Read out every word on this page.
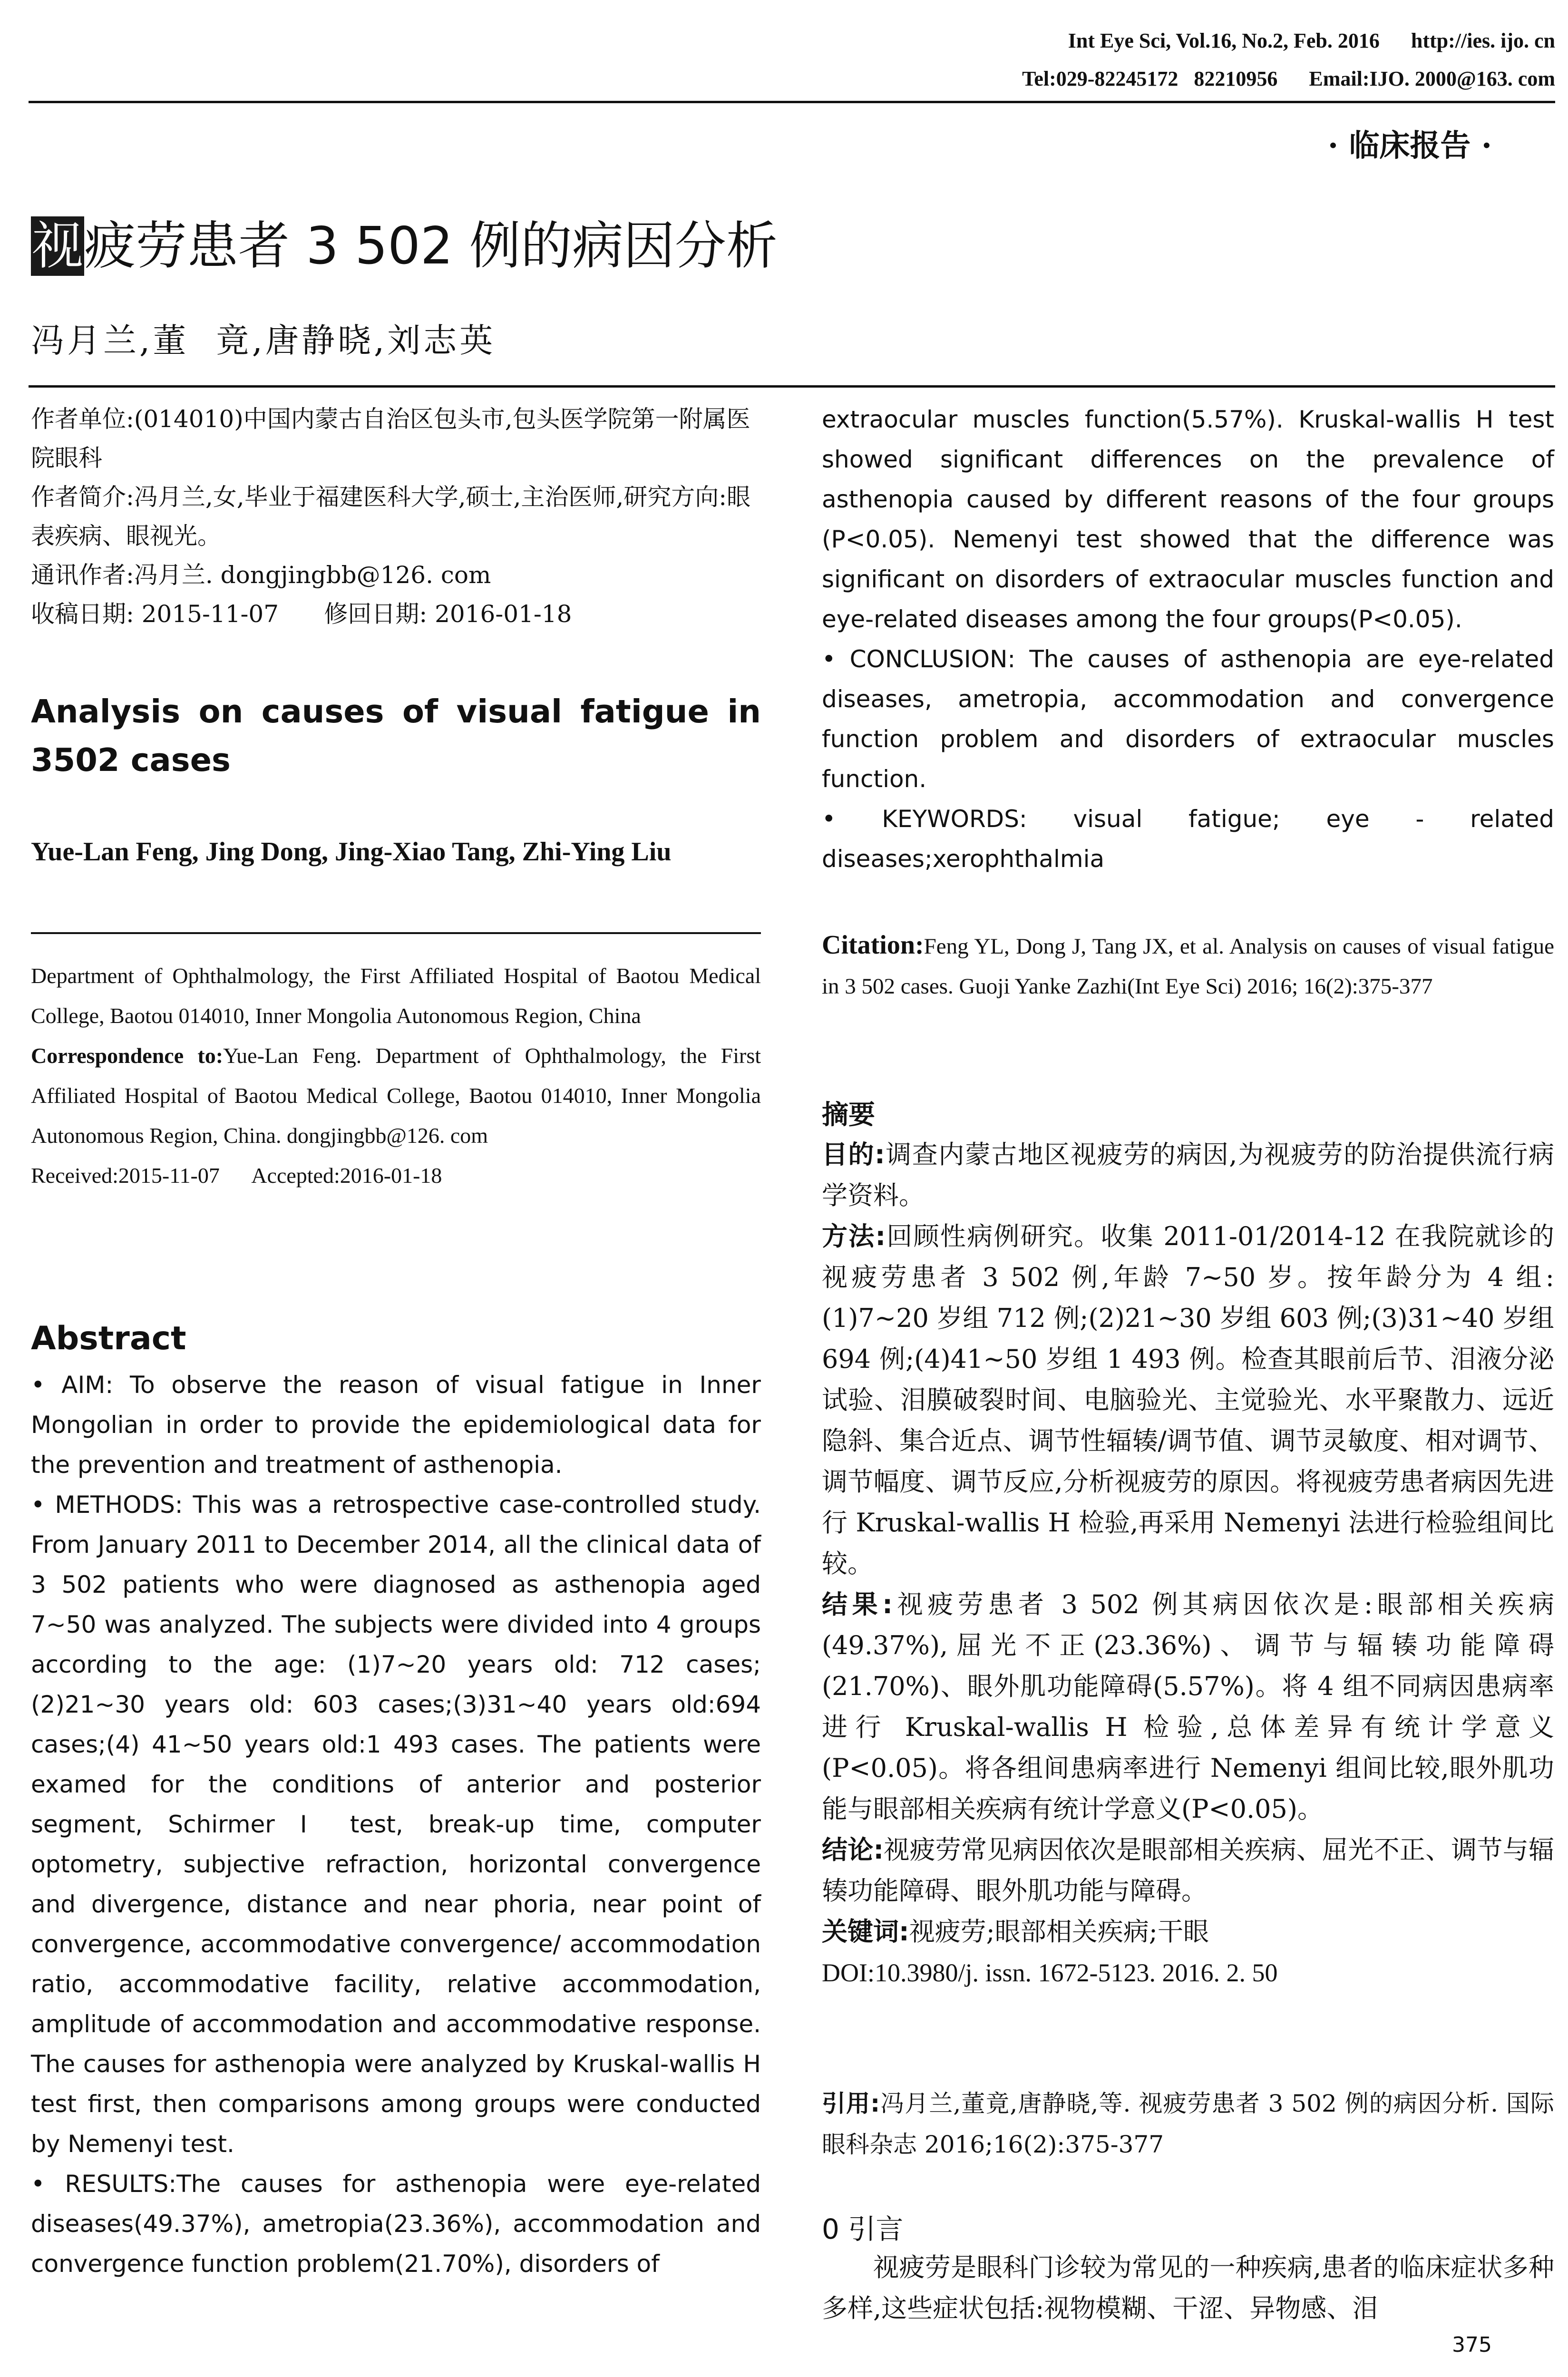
Int Eye Sci, Vol.16, No.2, Feb. 2016      http://ies. ijo. cn
Tel:029-82245172   82210956      Email:IJO. 2000@163. com
· 临床报告 ·
视疲劳患者 3 502 例的病因分析
冯月兰,董  竟,唐静晓,刘志英

作者单位:(014010)中国内蒙古自治区包头市,包头医学院第一附属医院眼科

作者简介:冯月兰,女,毕业于福建医科大学,硕士,主治医师,研究方向:眼表疾病、眼视光。

通讯作者:冯月兰. dongjingbb@126. com

收稿日期: 2015-11-07      修回日期: 2016-01-18

Analysis on causes of visual fatigue in 3502 cases
Yue-Lan Feng, Jing Dong, Jing-Xiao Tang, Zhi-Ying Liu

Department of Ophthalmology, the First Affiliated Hospital of Baotou Medical College, Baotou 014010, Inner Mongolia Autonomous Region, China

Correspondence to:Yue-Lan Feng. Department of Ophthalmology, the First Affiliated Hospital of Baotou Medical College, Baotou 014010, Inner Mongolia Autonomous Region, China. dongjingbb@126. com

Received:2015-11-07      Accepted:2016-01-18

Abstract

• AIM: To observe the reason of visual fatigue in Inner Mongolian in order to provide the epidemiological data for the prevention and treatment of asthenopia.

• METHODS: This was a retrospective case-controlled study. From January 2011 to December 2014, all the clinical data of 3 502 patients who were diagnosed as asthenopia aged 7~50 was analyzed. The subjects were divided into 4 groups according to the age: (1)7~20 years old: 712 cases;(2)21~30 years old: 603 cases;(3)31~40 years old:694 cases;(4) 41~50 years old:1 493 cases. The patients were examed for the conditions of anterior and posterior segment, Schirmer Ⅰ test, break-up time, computer optometry, subjective refraction, horizontal convergence and divergence, distance and near phoria, near point of convergence, accommodative convergence/ accommodation ratio, accommodative facility, relative accommodation, amplitude of accommodation and accommodative response. The causes for asthenopia were analyzed by Kruskal-wallis H test first, then comparisons among groups were conducted by Nemenyi test.

• RESULTS:The causes for asthenopia were eye-related diseases(49.37%), ametropia(23.36%), accommodation and convergence function problem(21.70%), disorders of

extraocular muscles function(5.57%). Kruskal-wallis H test showed significant differences on the prevalence of asthenopia caused by different reasons of the four groups (P<0.05). Nemenyi test showed that the difference was significant on disorders of extraocular muscles function and eye-related diseases among the four groups(P<0.05).

• CONCLUSION: The causes of asthenopia are eye-related diseases, ametropia, accommodation and convergence function problem and disorders of extraocular muscles function.

• KEYWORDS: visual fatigue; eye - related diseases;xerophthalmia

Citation:Feng YL, Dong J, Tang JX, et al. Analysis on causes of visual fatigue in 3 502 cases. Guoji Yanke Zazhi(Int Eye Sci) 2016; 16(2):375-377
摘要

目的:调查内蒙古地区视疲劳的病因,为视疲劳的防治提供流行病学资料。

方法:回顾性病例研究。收集 2011-01/2014-12 在我院就诊的视疲劳患者 3 502 例,年龄 7~50 岁。按年龄分为 4 组:(1)7~20 岁组 712 例;(2)21~30 岁组 603 例;(3)31~40 岁组 694 例;(4)41~50 岁组 1 493 例。检查其眼前后节、泪液分泌试验、泪膜破裂时间、电脑验光、主觉验光、水平聚散力、远近隐斜、集合近点、调节性辐辏/调节值、调节灵敏度、相对调节、调节幅度、调节反应,分析视疲劳的原因。将视疲劳患者病因先进行 Kruskal-wallis H 检验,再采用 Nemenyi 法进行检验组间比较。

结果:视疲劳患者 3 502 例其病因依次是:眼部相关疾病(49.37%),屈光不正(23.36%)、调节与辐辏功能障碍(21.70%)、眼外肌功能障碍(5.57%)。将 4 组不同病因患病率进行 Kruskal-wallis H 检验,总体差异有统计学意义(P<0.05)。将各组间患病率进行 Nemenyi 组间比较,眼外肌功能与眼部相关疾病有统计学意义(P<0.05)。

结论:视疲劳常见病因依次是眼部相关疾病、屈光不正、调节与辐辏功能障碍、眼外肌功能与障碍。

关键词:视疲劳;眼部相关疾病;干眼

DOI:10.3980/j. issn. 1672-5123. 2016. 2. 50

引用:冯月兰,董竟,唐静晓,等. 视疲劳患者 3 502 例的病因分析. 国际眼科杂志 2016;16(2):375-377
0 引言
视疲劳是眼科门诊较为常见的一种疾病,患者的临床症状多种多样,这些症状包括:视物模糊、干涩、异物感、泪
375
